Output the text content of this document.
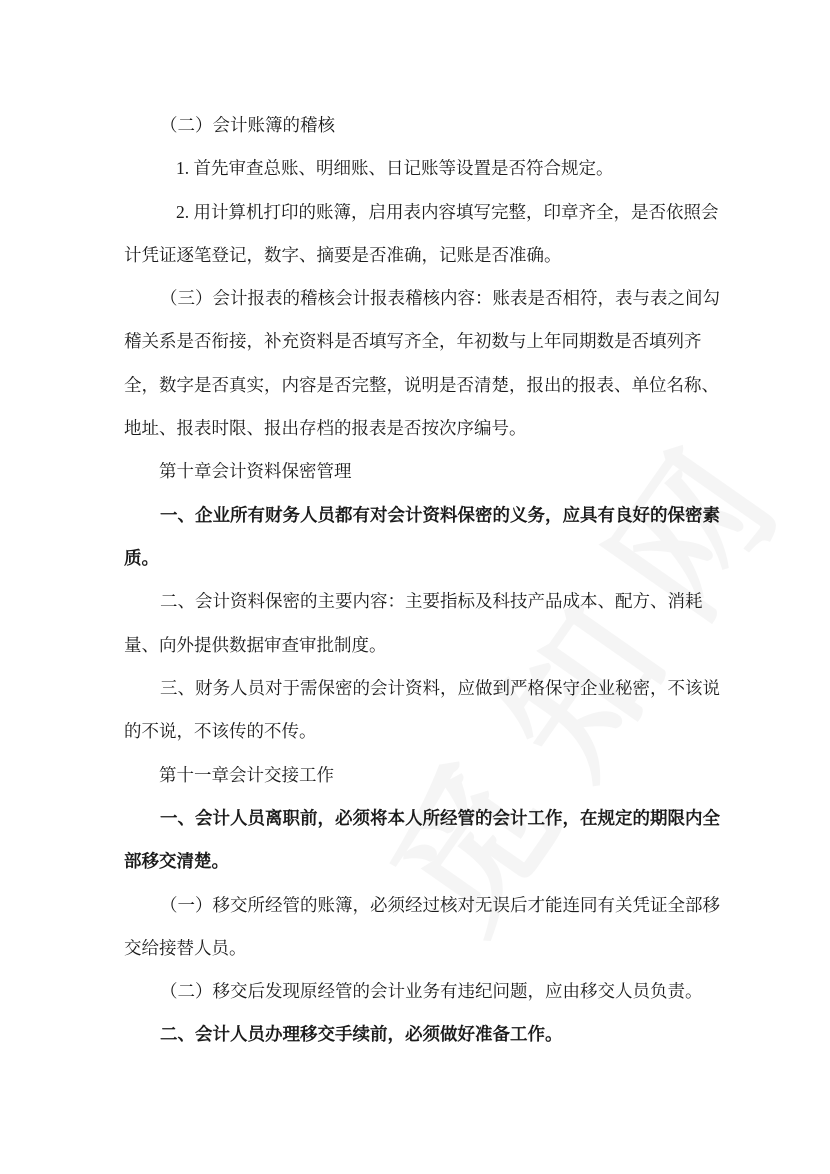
（二）会计账簿的稽核
1. 首先审查总账、明细账、日记账等设置是否符合规定。
2. 用计算机打印的账簿，启用表内容填写完整，印章齐全，是否依照会
计凭证逐笔登记，数字、摘要是否准确，记账是否准确。
（三）会计报表的稽核会计报表稽核内容：账表是否相符，表与表之间勾
稽关系是否衔接，补充资料是否填写齐全，年初数与上年同期数是否填列齐
全，数字是否真实，内容是否完整，说明是否清楚，报出的报表、单位名称、
地址、报表时限、报出存档的报表是否按次序编号。
第十章会计资料保密管理
一、企业所有财务人员都有对会计资料保密的义务，应具有良好的保密素
质。
二、会计资料保密的主要内容：主要指标及科技产品成本、配方、消耗
量、向外提供数据审查审批制度。
三、财务人员对于需保密的会计资料，应做到严格保守企业秘密，不该说
的不说，不该传的不传。
第十一章会计交接工作
一、会计人员离职前，必须将本人所经管的会计工作，在规定的期限内全
部移交清楚。
（一）移交所经管的账簿，必须经过核对无误后才能连同有关凭证全部移
交给接替人员。
（二）移交后发现原经管的会计业务有违纪问题，应由移交人员负责。
二、会计人员办理移交手续前，必须做好准备工作。
